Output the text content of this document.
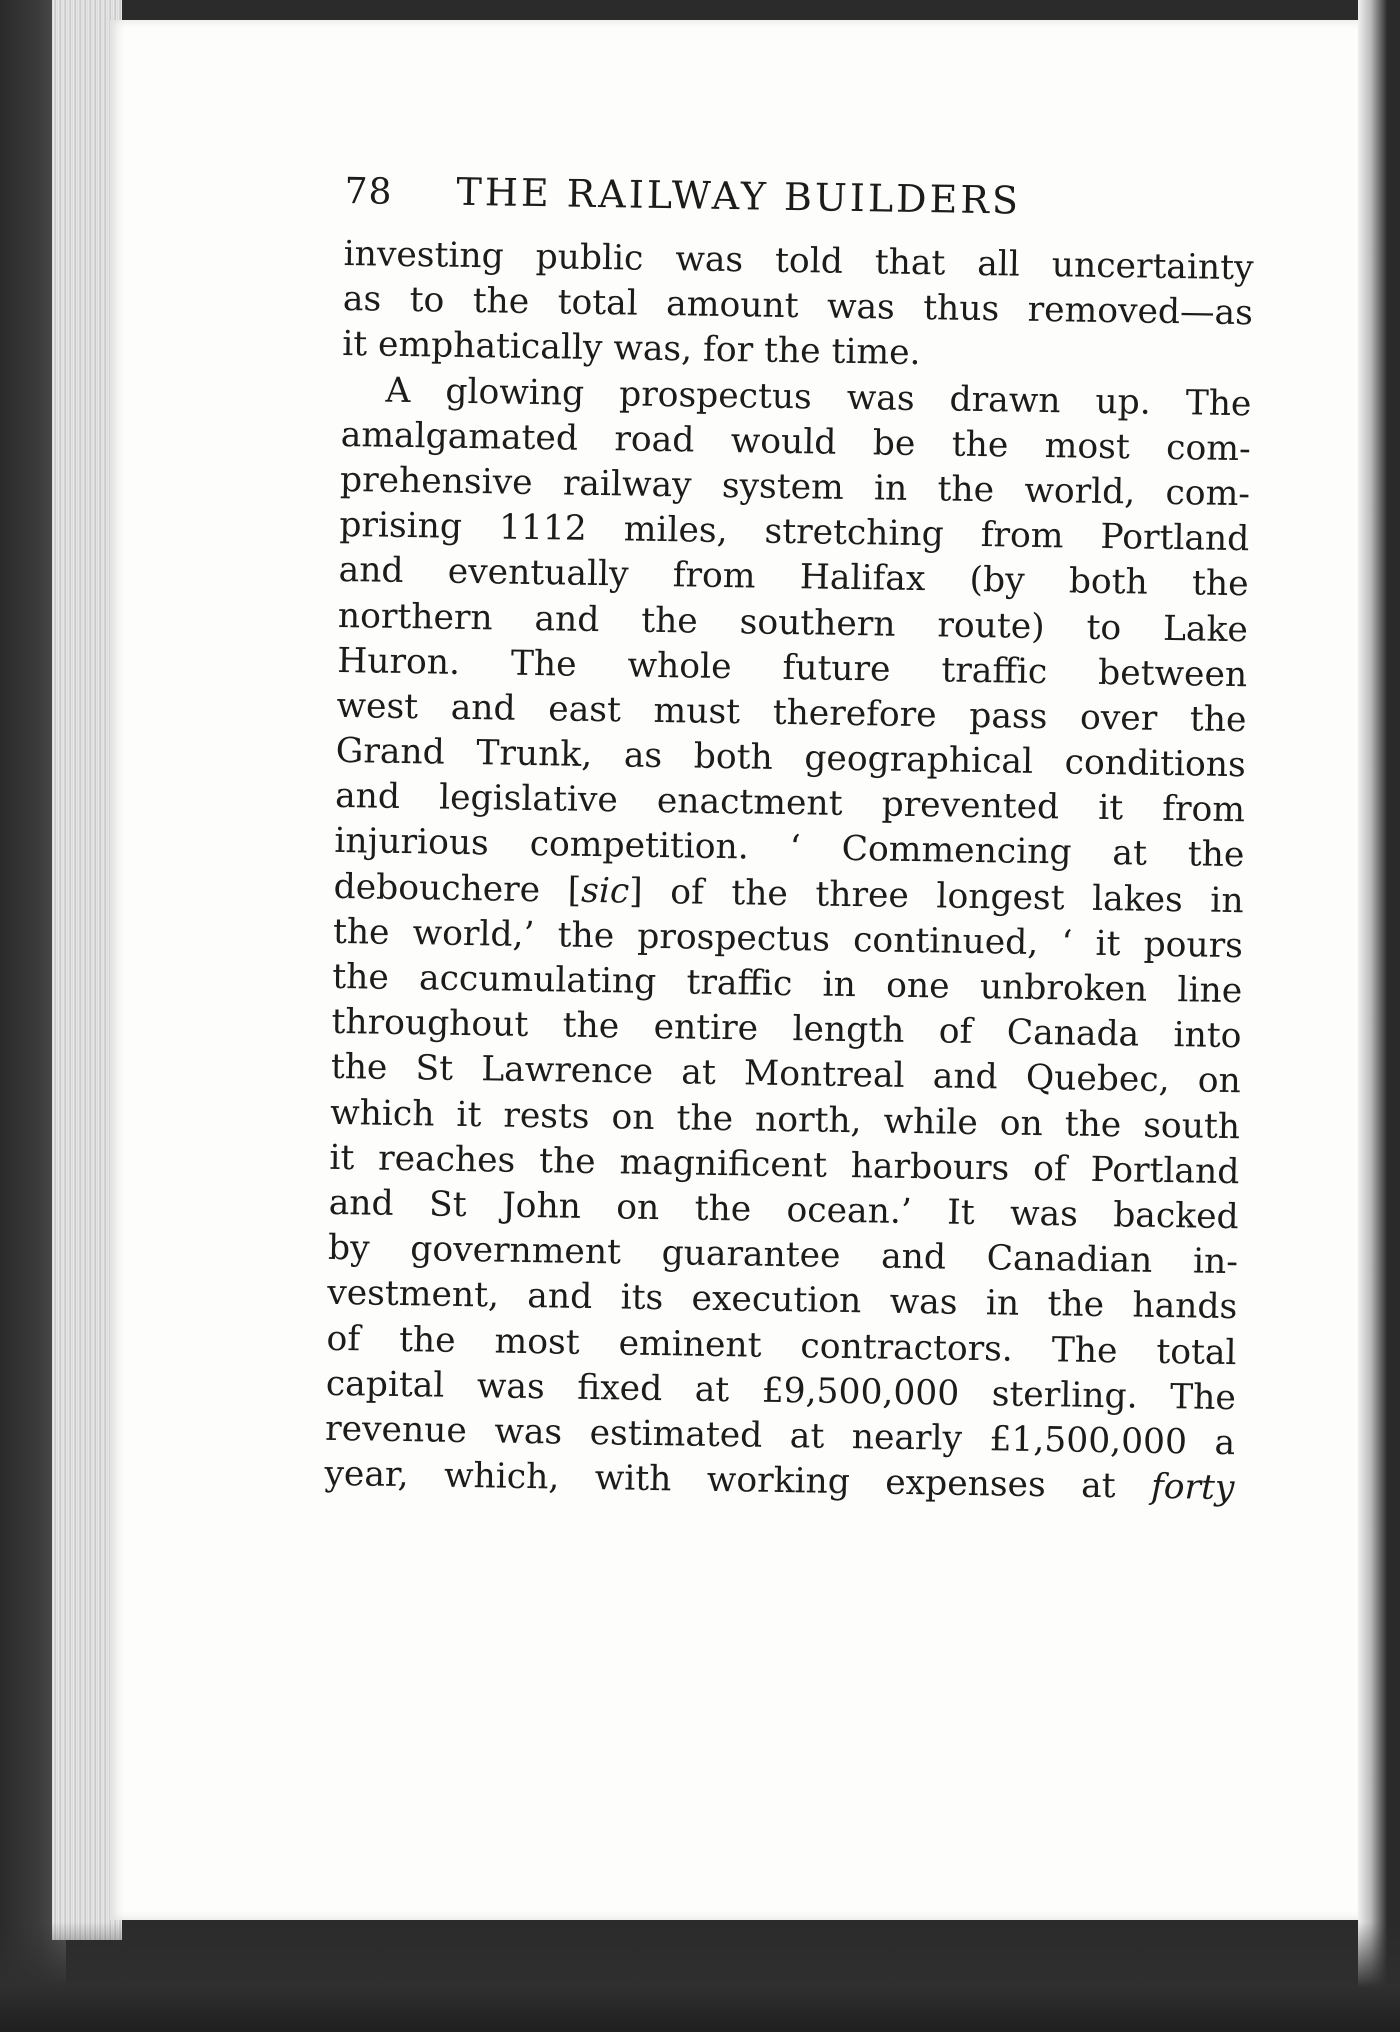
78 THE RAILWAY BUILDERS
investing public was told that all uncertainty
as to the total amount was thus removed—as
it emphatically was, for the time.
A glowing prospectus was drawn up. The
amalgamated road would be the most com-
prehensive railway system in the world, com-
prising 1112 miles, stretching from Portland
and eventually from Halifax (by both the
northern and the southern route) to Lake
Huron. The whole future traffic between
west and east must therefore pass over the
Grand Trunk, as both geographical conditions
and legislative enactment prevented it from
injurious competition. ‘ Commencing at the
debouchere [sic] of the three longest lakes in
the world,’ the prospectus continued, ‘ it pours
the accumulating traffic in one unbroken line
throughout the entire length of Canada into
the St Lawrence at Montreal and Quebec, on
which it rests on the north, while on the south
it reaches the magnificent harbours of Portland
and St John on the ocean.’ It was backed
by government guarantee and Canadian in-
vestment, and its execution was in the hands
of the most eminent contractors. The total
capital was fixed at £9,500,000 sterling. The
revenue was estimated at nearly £1,500,000 a
year, which, with working expenses at forty
